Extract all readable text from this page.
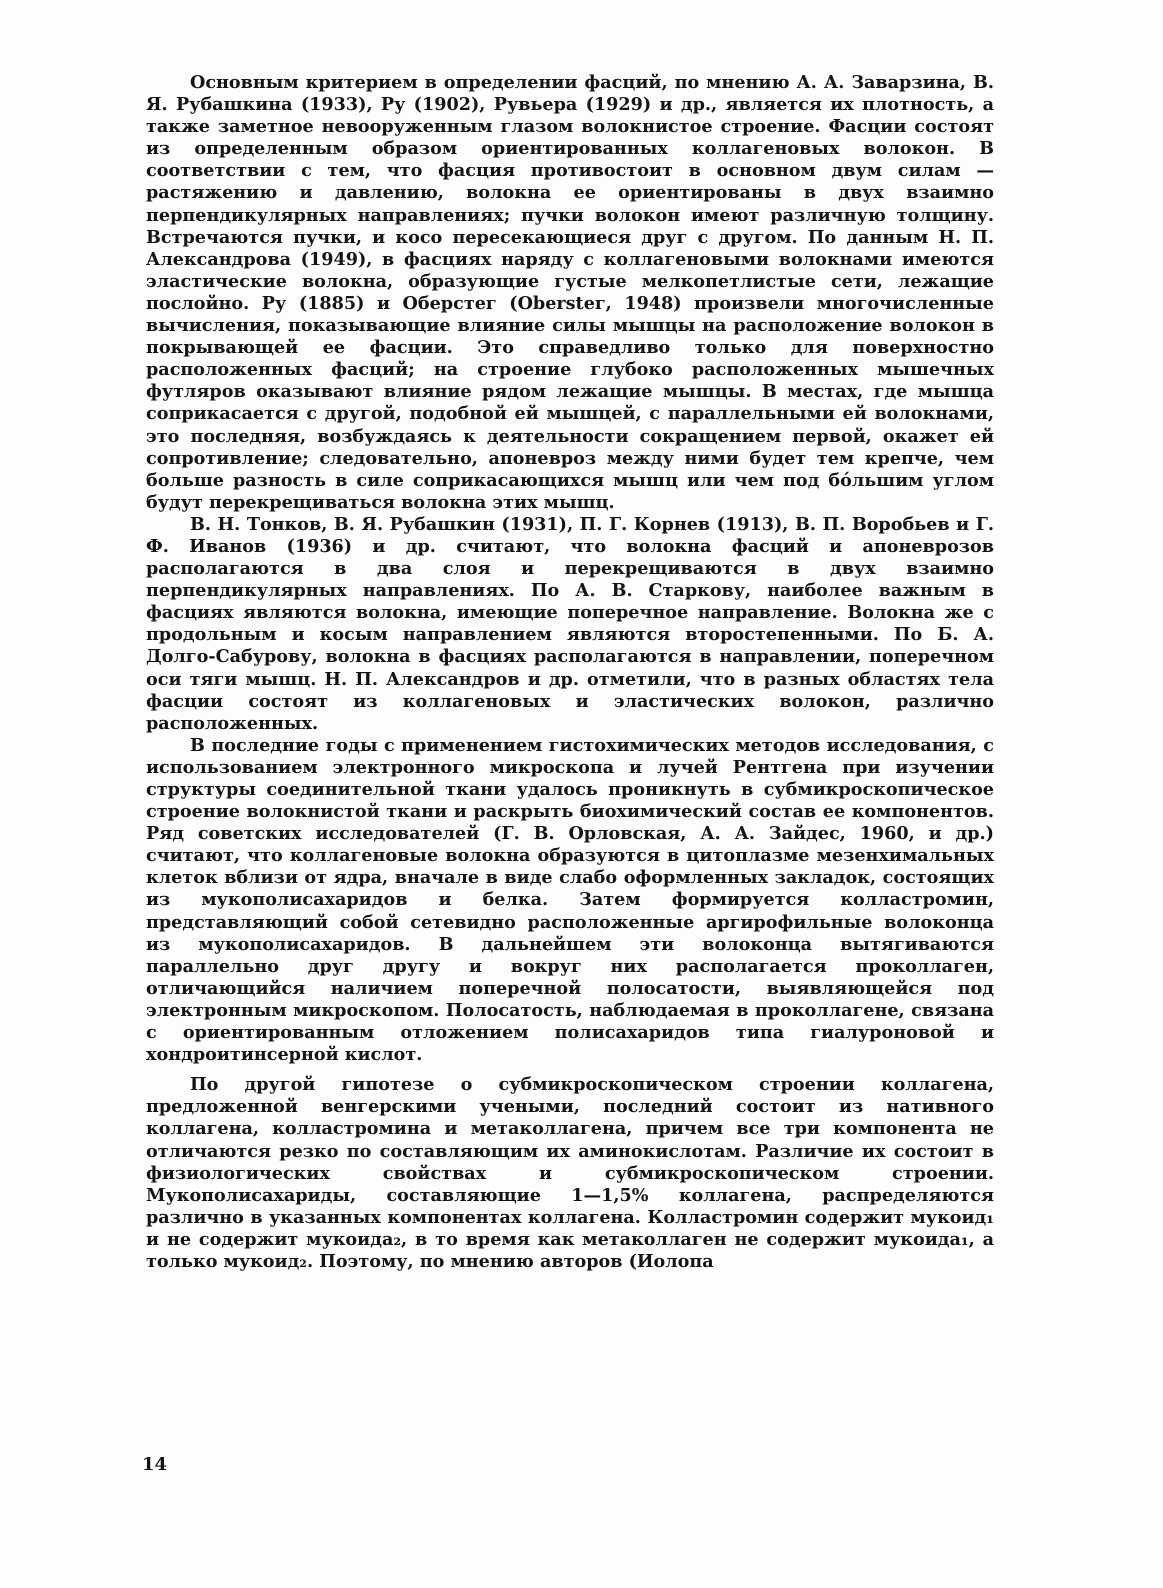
Основным критерием в определении фасций, по мнению А. А. Заварзина, В. Я. Рубашкина (1933), Ру (1902), Рувьера (1929) и др., является их плотность, а также заметное невооруженным глазом волокнистое строение. Фасции состоят из определенным образом ориентированных коллагеновых волокон. В соответствии с тем, что фасция противостоит в основном двум силам — растяжению и давлению, волокна ее ориентированы в двух взаимно перпендикулярных направлениях; пучки волокон имеют различную толщину. Встречаются пучки, и косо пересекающиеся друг с другом. По данным Н. П. Александрова (1949), в фасциях наряду с коллагеновыми волокнами имеются эластические волокна, образующие густые мелкопетлистые сети, лежащие послойно. Ру (1885) и Оберстег (Oberstег, 1948) произвели многочисленные вычисления, показывающие влияние силы мышцы на расположение волокон в покрывающей ее фасции. Это справедливо только для поверхностно расположенных фасций; на строение глубоко расположенных мышечных футляров оказывают влияние рядом лежащие мышцы. В местах, где мышца соприкасается с другой, подобной ей мышцей, с параллельными ей волокнами, это последняя, возбуждаясь к деятельности сокращением первой, окажет ей сопротивление; следовательно, апоневроз между ними будет тем крепче, чем больше разность в силе соприкасающихся мышц или чем под бо́льшим углом будут перекрещиваться волокна этих мышц.

В. Н. Тонков, В. Я. Рубашкин (1931), П. Г. Корнев (1913), В. П. Воробьев и Г. Ф. Иванов (1936) и др. считают, что волокна фасций и апоневрозов располагаются в два слоя и перекрещиваются в двух взаимно перпендикулярных направлениях. По А. В. Старкову, наиболее важным в фасциях являются волокна, имеющие поперечное направление. Волокна же с продольным и косым направлением являются второстепенными. По Б. А. Долго-Сабурову, волокна в фасциях располагаются в направлении, поперечном оси тяги мышц. Н. П. Александров и др. отметили, что в разных областях тела фасции состоят из коллагеновых и эластических волокон, различно расположенных.

В последние годы с применением гистохимических методов исследования, с использованием электронного микроскопа и лучей Рентгена при изучении структуры соединительной ткани удалось проникнуть в субмикроскопическое строение волокнистой ткани и раскрыть биохимический состав ее компонентов. Ряд советских исследователей (Г. В. Орловская, А. А. Зайдес, 1960, и др.) считают, что коллагеновые волокна образуются в цитоплазме мезенхимальных клеток вблизи от ядра, вначале в виде слабо оформленных закладок, состоящих из мукополисахаридов и белка. Затем формируется колластромин, представляющий собой сетевидно расположенные аргирофильные волоконца из мукополисахаридов. В дальнейшем эти волоконца вытягиваются параллельно друг другу и вокруг них располагается проколлаген, отличающийся наличием поперечной полосатости, выявляющейся под электронным микроскопом. Полосатость, наблюдаемая в проколлагене, связана с ориентированным отложением полисахаридов типа гиалуроновой и хондроитинсерной кислот.

По другой гипотезе о субмикроскопическом строении коллагена, предложенной венгерскими учеными, последний состоит из нативного коллагена, колластромина и метаколлагена, причем все три компонента не отличаются резко по составляющим их аминокислотам. Различие их состоит в физиологических свойствах и субмикроскопическом строении. Мукополисахариды, составляющие 1—1,5% коллагена, распределяются различно в указанных компонентах коллагена. Колластромин содержит мукоид₁ и не содержит мукоида₂, в то время как метаколлаген не содержит мукоида₁, а только мукоид₂. Поэтому, по мнению авторов (Иолопа

14
